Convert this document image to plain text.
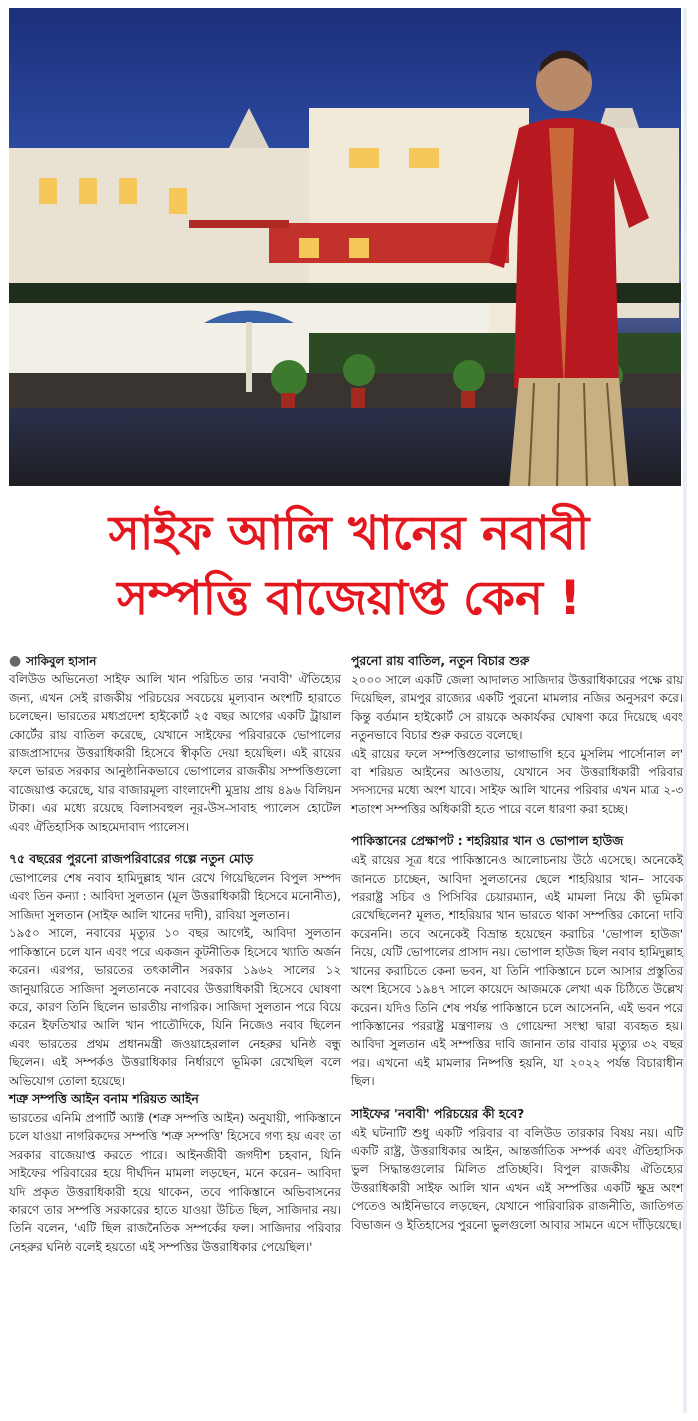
সাইফ আলি খানের নবাবী
সম্পত্তি বাজেয়াপ্ত কেন !

● সাকিবুল হাসান

বলিউড অভিনেতা সাইফ আলি খান পরিচিত তার 'নবাবী' ঐতিহ্যের জন্য, এখন সেই রাজকীয় পরিচয়ের সবচেয়ে মূল্যবান অংশটি হারাতে চলেছেন। ভারতের মধ্যপ্রদেশ হাইকোর্ট ২৫ বছর আগের একটি ট্রায়াল কোর্টের রায় বাতিল করেছে, যেখানে সাইফের পরিবারকে ভোপালের রাজপ্রাসাদের উত্তরাধিকারী হিসেবে স্বীকৃতি দেয়া হয়েছিল। এই রায়ের ফলে ভারত সরকার আনুষ্ঠানিকভাবে ভোপালের রাজকীয় সম্পত্তিগুলো বাজেয়াপ্ত করেছে, যার বাজারমূল্য বাংলাদেশী মুদ্রায় প্রায় ৪৯৬ বিলিয়ন টাকা। এর মধ্যে রয়েছে বিলাসবহুল নূর-উস-সাবাহ প্যালেস হোটেল এবং ঐতিহাসিক আহমেদাবাদ প্যালেস।

৭৫ বছরের পুরনো রাজপরিবারের গল্পে নতুন মোড়

ভোপালের শেষ নবাব হামিদুল্লাহ খান রেখে গিয়েছিলেন বিপুল সম্পদ এবং তিন কন্যা : আবিদা সুলতান (মূল উত্তরাধিকারী হিসেবে মনোনীত), সাজিদা সুলতান (সাইফ আলি খানের দাদী), রাবিয়া সুলতান।

১৯৫০ সালে, নবাবের মৃত্যুর ১০ বছর আগেই, আবিদা সুলতান পাকিস্তানে চলে যান এবং পরে একজন কূটনীতিক হিসেবে খ্যাতি অর্জন করেন। এরপর, ভারতের তৎকালীন সরকার ১৯৬২ সালের ১২ জানুয়ারিতে সাজিদা সুলতানকে নবাবের উত্তরাধিকারী হিসেবে ঘোষণা করে, কারণ তিনি ছিলেন ভারতীয় নাগরিক। সাজিদা সুলতান পরে বিয়ে করেন ইফতিখার আলি খান পাতৌদিকে, যিনি নিজেও নবাব ছিলেন এবং ভারতের প্রথম প্রধানমন্ত্রী জওয়াহেরলাল নেহরুর ঘনিষ্ঠ বন্ধু ছিলেন। এই সম্পর্কও উত্তরাধিকার নির্ধারণে ভূমিকা রেখেছিল বলে অভিযোগ তোলা হয়েছে।

শত্রু সম্পত্তি আইন বনাম শরিয়ত আইন

ভারতের এনিমি প্রপার্টি অ্যাক্ট (শত্রু সম্পত্তি আইন) অনুযায়ী, পাকিস্তানে চলে যাওয়া নাগরিকদের সম্পত্তি 'শত্রু সম্পত্তি' হিসেবে গণ্য হয় এবং তা সরকার বাজেয়াপ্ত করতে পারে। আইনজীবী জগদীশ চহবান, যিনি সাইফের পরিবারের হয়ে দীর্ঘদিন মামলা লড়ছেন, মনে করেন– আবিদা যদি প্রকৃত উত্তরাধিকারী হয়ে থাকেন, তবে পাকিস্তানে অভিবাসনের কারণে তার সম্পত্তি সরকারের হাতে যাওয়া উচিত ছিল, সাজিদার নয়। তিনি বলেন, 'এটি ছিল রাজনৈতিক সম্পর্কের ফল। সাজিদার পরিবার নেহরুর ঘনিষ্ঠ বলেই হয়তো এই সম্পত্তির উত্তরাধিকার পেয়েছিল।'

পুরনো রায় বাতিল, নতুন বিচার শুরু

২০০০ সালে একটি জেলা আদালত সাজিদার উত্তরাধিকারের পক্ষে রায় দিয়েছিল, রামপুর রাজ্যের একটি পুরনো মামলার নজির অনুসরণ করে। কিন্তু বর্তমান হাইকোর্ট সে রায়কে অকার্যকর ঘোষণা করে দিয়েছে এবং নতুনভাবে বিচার শুরু করতে বলেছে।

এই রায়ের ফলে সম্পত্তিগুলোর ভাগাভাগি হবে মুসলিম পার্সোনাল ল' বা শরিয়ত আইনের আওতায়, যেখানে সব উত্তরাধিকারী পরিবার সদস্যদের মধ্যে অংশ যাবে। সাইফ আলি খানের পরিবার এখন মাত্র ২-৩ শতাংশ সম্পত্তির অধিকারী হতে পারে বলে ধারণা করা হচ্ছে।

পাকিস্তানের প্রেক্ষাপট : শহরিয়ার খান ও ভোপাল হাউজ

এই রায়ের সূত্র ধরে পাকিস্তানেও আলোচনায় উঠে এসেছে। অনেকেই জানতে চাচ্ছেন, আবিদা সুলতানের ছেলে শাহরিয়ার খান– সাবেক পররাষ্ট্র সচিব ও পিসিবির চেয়ারম্যান, এই মামলা নিয়ে কী ভূমিকা রেখেছিলেন? মূলত, শাহরিয়ার খান ভারতে থাকা সম্পত্তির কোনো দাবি করেননি। তবে অনেকেই বিভ্রান্ত হয়েছেন করাচির 'ভোপাল হাউজ' নিয়ে, যেটি ভোপালের প্রাসাদ নয়। ভোপাল হাউজ ছিল নবাব হামিদুল্লাহ খানের করাচিতে কেনা ভবন, যা তিনি পাকিস্তানে চলে আসার প্রস্তুতির অংশ হিসেবে ১৯৪৭ সালে কায়েদে আজমকে লেখা এক চিঠিতে উল্লেখ করেন। যদিও তিনি শেষ পর্যন্ত পাকিস্তানে চলে আসেননি, এই ভবন পরে পাকিস্তানের পররাষ্ট্র মন্ত্রণালয় ও গোয়েন্দা সংস্থা দ্বারা ব্যবহৃত হয়। আবিদা সুলতান এই সম্পত্তির দাবি জানান তার বাবার মৃত্যুর ৩২ বছর পর। এখনো এই মামলার নিষ্পত্তি হয়নি, যা ২০২২ পর্যন্ত বিচারাধীন ছিল।

সাইফের 'নবাবী' পরিচয়ের কী হবে?

এই ঘটনাটি শুধু একটি পরিবার বা বলিউড তারকার বিষয় নয়। এটি একটি রাষ্ট্র, উত্তরাধিকার আইন, আন্তর্জাতিক সম্পর্ক এবং ঐতিহাসিক ভুল সিদ্ধান্তগুলোর মিলিত প্রতিচ্ছবি। বিপুল রাজকীয় ঐতিহ্যের উত্তরাধিকারী সাইফ আলি খান এখন এই সম্পত্তির একটি ক্ষুদ্র অংশ পেতেও আইনিভাবে লড়ছেন, যেখানে পারিবারিক রাজনীতি, জাতিগত বিভাজন ও ইতিহাসের পুরনো ভুলগুলো আবার সামনে এসে দাঁড়িয়েছে।
